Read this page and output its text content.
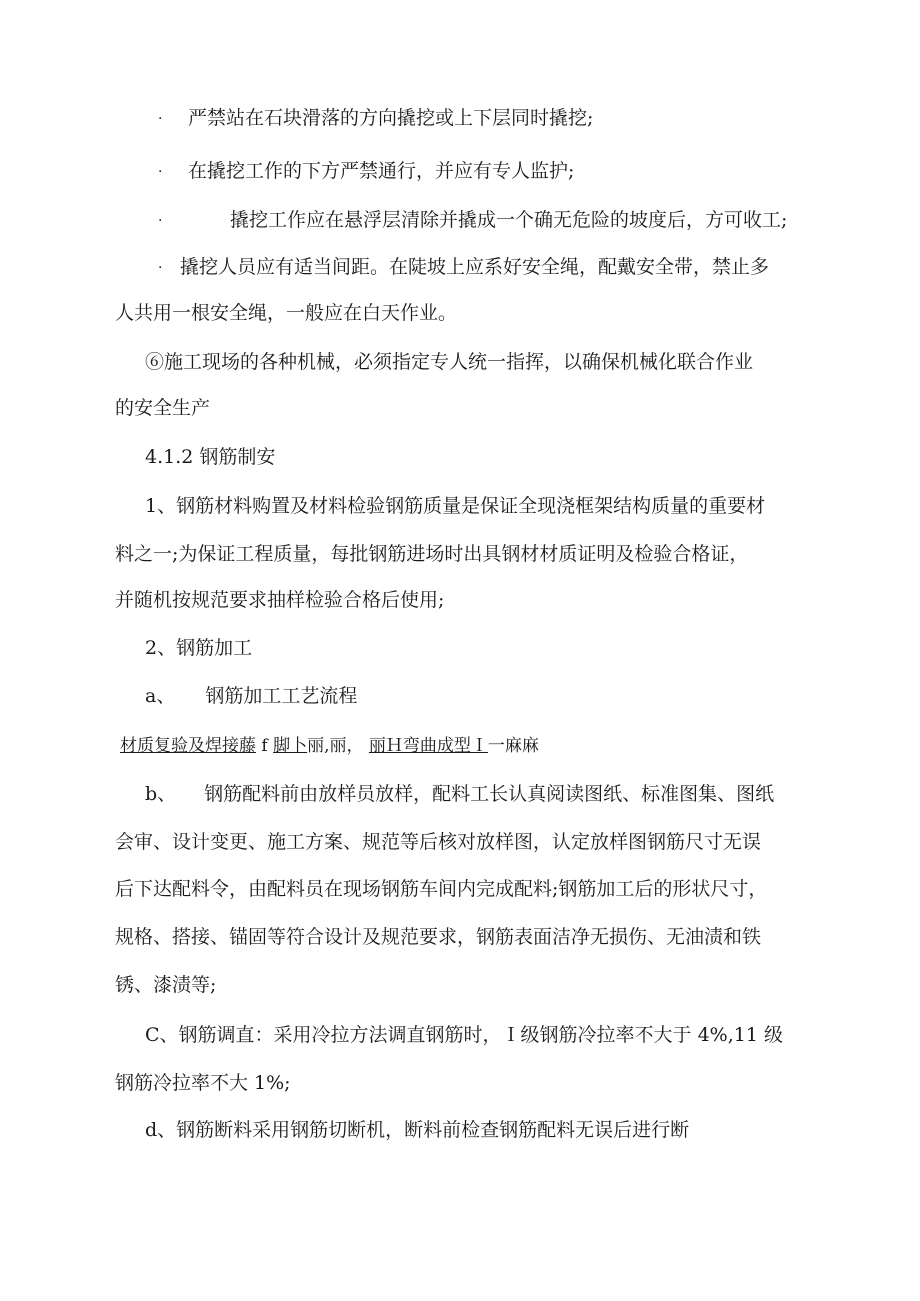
· 严禁站在石块滑落的方向撬挖或上下层同时撬挖;
· 在撬挖工作的下方严禁通行，并应有专人监护;
·	撬挖工作应在悬浮层清除并撬成一个确无危险的坡度后，方可收工;
· 撬挖人员应有适当间距。在陡坡上应系好安全绳，配戴安全带，禁止多
人共用一根安全绳，一般应在白天作业。
⑥施工现场的各种机械，必须指定专人统一指挥，以确保机械化联合作业
的安全生产
4.1.2 钢筋制安
1、钢筋材料购置及材料检验钢筋质量是保证全现浇框架结构质量的重要材
料之一;为保证工程质量，每批钢筋进场时出具钢材材质证明及检验合格证，
并随机按规范要求抽样检验合格后使用;
2、钢筋加工
a、 钢筋加工工艺流程
材质复验及焊接藤 f 脚卜丽,丽， 丽Ｈ弯曲成型Ｉ一麻麻
b、 钢筋配料前由放样员放样，配料工长认真阅读图纸、标准图集、图纸
会审、设计变更、施工方案、规范等后核对放样图，认定放样图钢筋尺寸无误
后下达配料令，由配料员在现场钢筋车间内完成配料;钢筋加工后的形状尺寸，
规格、搭接、锚固等符合设计及规范要求，钢筋表面洁净无损伤、无油渍和铁
锈、漆渍等;
C、钢筋调直：采用冷拉方法调直钢筋时，Ｉ级钢筋冷拉率不大于 4%,11 级
钢筋冷拉率不大 1%;
d、钢筋断料采用钢筋切断机，断料前检查钢筋配料无误后进行断
